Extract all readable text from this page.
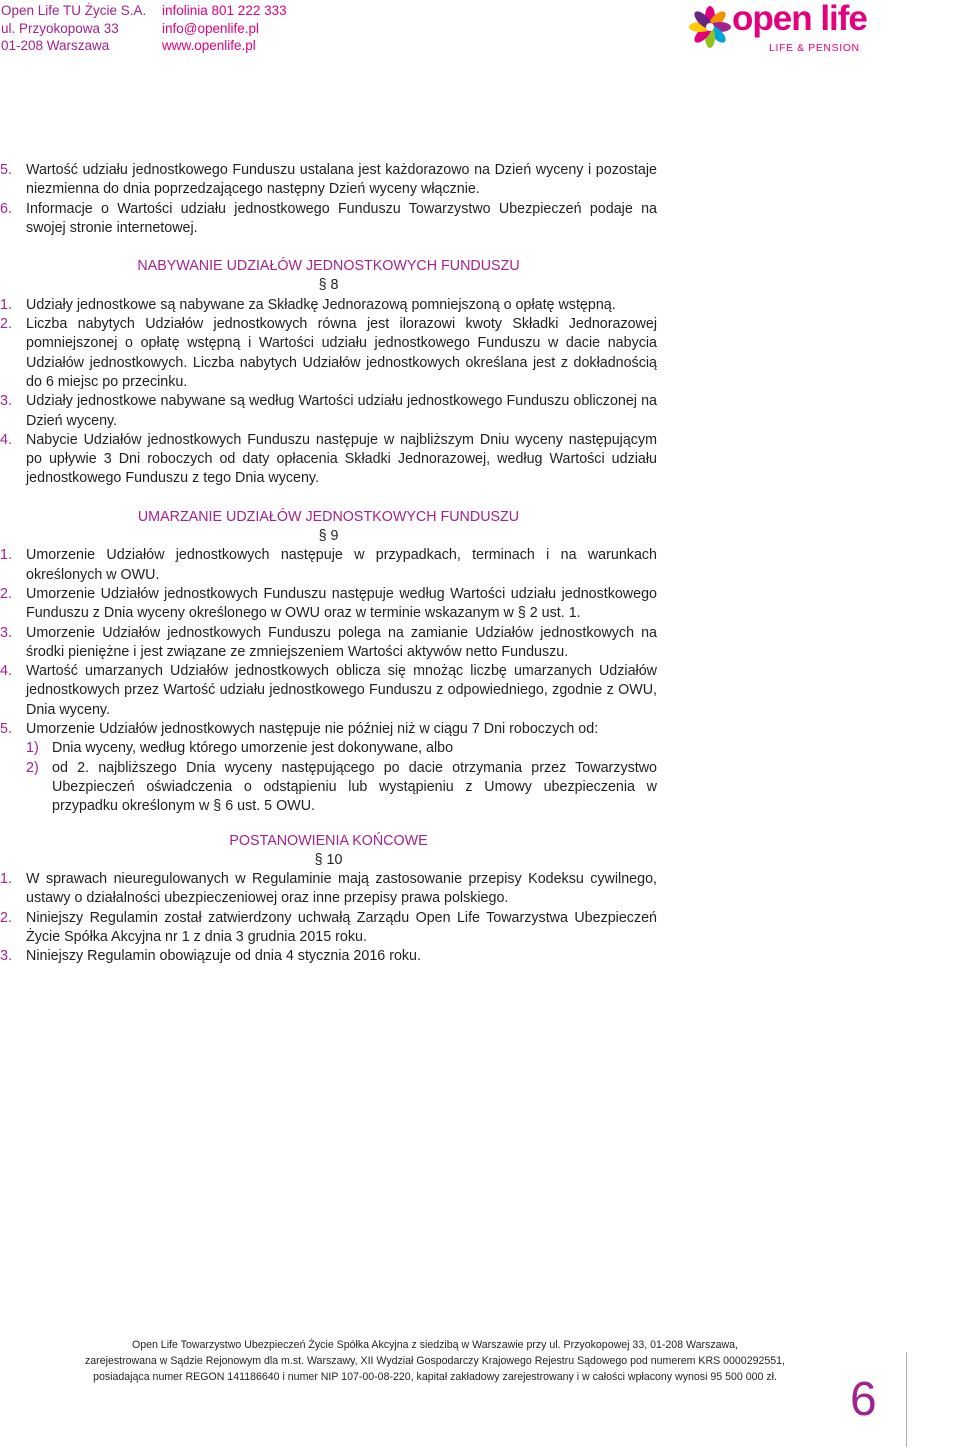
Open Life TU Życie S.A.
ul. Przyokopowa 33
01-208 Warszawa
infolinia 801 222 333
info@openlife.pl
www.openlife.pl
open life
LIFE & PENSION
5. Wartość udziału jednostkowego Funduszu ustalana jest każdorazowo na Dzień wyceny i pozostaje niezmienna do dnia poprzedzającego następny Dzień wyceny włącznie.
6. Informacje o Wartości udziału jednostkowego Funduszu Towarzystwo Ubezpieczeń podaje na swojej stronie internetowej.
NABYWANIE UDZIAŁÓW JEDNOSTKOWYCH FUNDUSZU
§ 8
1. Udziały jednostkowe są nabywane za Składkę Jednorazową pomniejszoną o opłatę wstępną.
2. Liczba nabytych Udziałów jednostkowych równa jest ilorazowi kwoty Składki Jednorazowej pomniejszonej o opłatę wstępną i Wartości udziału jednostkowego Funduszu w dacie nabycia Udziałów jednostkowych. Liczba nabytych Udziałów jednostkowych określana jest z dokładnością do 6 miejsc po przecinku.
3. Udziały jednostkowe nabywane są według Wartości udziału jednostkowego Funduszu obliczonej na Dzień wyceny.
4. Nabycie Udziałów jednostkowych Funduszu następuje w najbliższym Dniu wyceny następującym po upływie 3 Dni roboczych od daty opłacenia Składki Jednorazowej, według Wartości udziału jednostkowego Funduszu z tego Dnia wyceny.
UMARZANIE UDZIAŁÓW JEDNOSTKOWYCH FUNDUSZU
§ 9
1. Umorzenie Udziałów jednostkowych następuje w przypadkach, terminach i na warunkach określonych w OWU.
2. Umorzenie Udziałów jednostkowych Funduszu następuje według Wartości udziału jednostkowego Funduszu z Dnia wyceny określonego w OWU oraz w terminie wskazanym w § 2 ust. 1.
3. Umorzenie Udziałów jednostkowych Funduszu polega na zamianie Udziałów jednostkowych na środki pieniężne i jest związane ze zmniejszeniem Wartości aktywów netto Funduszu.
4. Wartość umarzanych Udziałów jednostkowych oblicza się mnożąc liczbę umarzanych Udziałów jednostkowych przez Wartość udziału jednostkowego Funduszu z odpowiedniego, zgodnie z OWU, Dnia wyceny.
5. Umorzenie Udziałów jednostkowych następuje nie później niż w ciągu 7 Dni roboczych od:
1) Dnia wyceny, według którego umorzenie jest dokonywane, albo
2) od 2. najbliższego Dnia wyceny następującego po dacie otrzymania przez Towarzystwo Ubezpieczeń oświadczenia o odstąpieniu lub wystąpieniu z Umowy ubezpieczenia w przypadku określonym w § 6 ust. 5 OWU.
POSTANOWIENIA KOŃCOWE
§ 10
1. W sprawach nieuregulowanych w Regulaminie mają zastosowanie przepisy Kodeksu cywilnego, ustawy o działalności ubezpieczeniowej oraz inne przepisy prawa polskiego.
2. Niniejszy Regulamin został zatwierdzony uchwałą Zarządu Open Life Towarzystwa Ubezpieczeń Życie Spółka Akcyjna nr 1 z dnia 3 grudnia 2015 roku.
3. Niniejszy Regulamin obowiązuje od dnia 4 stycznia 2016 roku.
Open Life Towarzystwo Ubezpieczeń Życie Spółka Akcyjna z siedzibą w Warszawie przy ul. Przyokopowej 33, 01-208 Warszawa,
zarejestrowana w Sądzie Rejonowym dla m.st. Warszawy, XII Wydział Gospodarczy Krajowego Rejestru Sądowego pod numerem KRS 0000292551,
posiadająca numer REGON 141186640 i numer NIP 107-00-08-220, kapitał zakładowy zarejestrowany i w całości wpłacony wynosi 95 500 000 zł.	6
